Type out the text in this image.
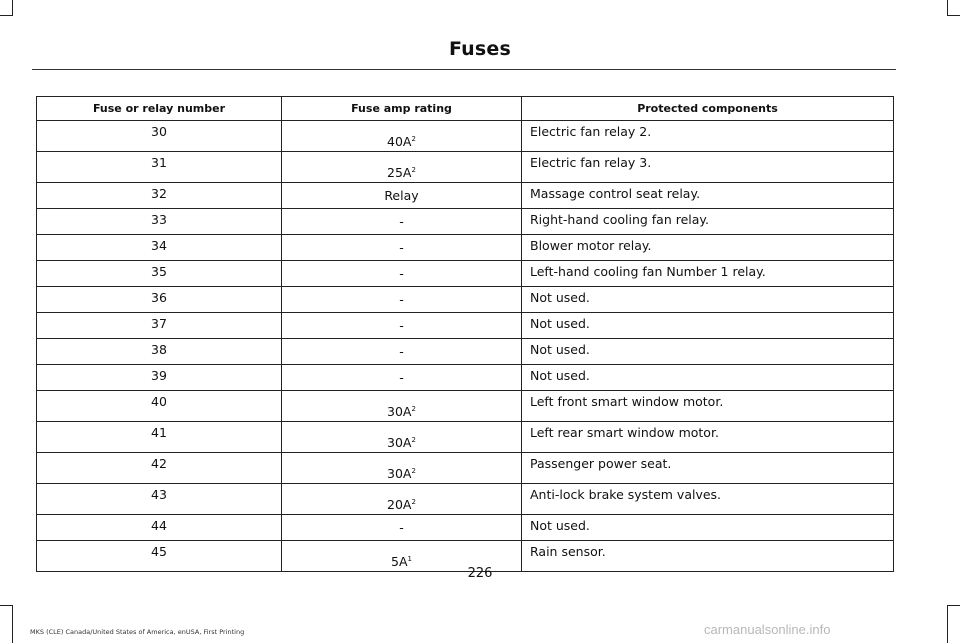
Fuses
Fuse or relay number	Fuse amp rating	Protected components
30	40A$^2$	Electric fan relay 2.
31	25A$^2$	Electric fan relay 3.
32	Relay	Massage control seat relay.
33	-	Right-hand cooling fan relay.
34	-	Blower motor relay.
35	-	Left-hand cooling fan Number 1 relay.
36	-	Not used.
37	-	Not used.
38	-	Not used.
39	-	Not used.
40	30A$^2$	Left front smart window motor.
41	30A$^2$	Left rear smart window motor.
42	30A$^2$	Passenger power seat.
43	20A$^2$	Anti-lock brake system valves.
44	-	Not used.
45	5A$^1$	Rain sensor.
226
MKS (CLE) Canada/United States of America, enUSA, First Printing	carmanualsonline.info
